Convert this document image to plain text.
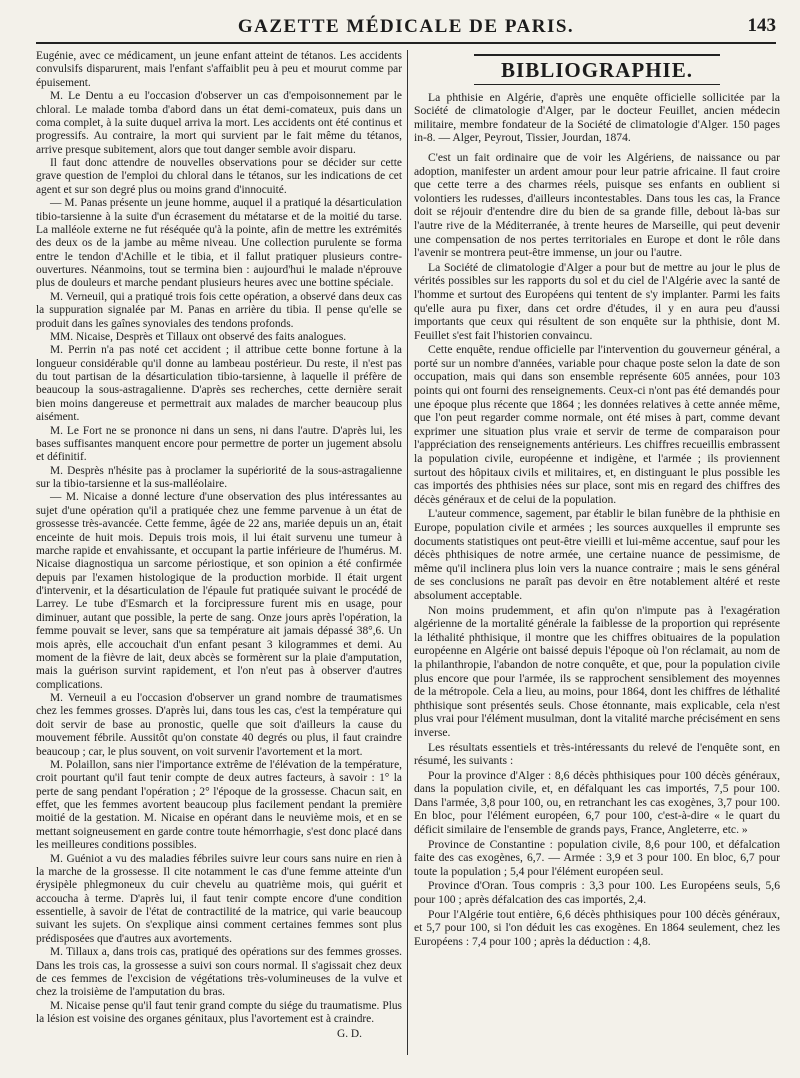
GAZETTE MÉDICALE DE PARIS.	143

Eugénie, avec ce médicament, un jeune enfant atteint de tétanos. Les accidents convulsifs disparurent, mais l'enfant s'affaiblit peu à peu et mourut comme par épuisement.

M. Le Dentu a eu l'occasion d'observer un cas d'empoisonnement par le chloral. Le malade tomba d'abord dans un état demi-comateux, puis dans un coma complet, à la suite duquel arriva la mort. Les accidents ont été continus et progressifs. Au contraire, la mort qui survient par le fait même du tétanos, arrive presque subitement, alors que tout danger semble avoir disparu.

Il faut donc attendre de nouvelles observations pour se décider sur cette grave question de l'emploi du chloral dans le tétanos, sur les indications de cet agent et sur son degré plus ou moins grand d'innocuité.

— M. Panas présente un jeune homme, auquel il a pratiqué la désarticulation tibio-tarsienne à la suite d'un écrasement du métatarse et de la moitié du tarse. La malléole externe ne fut réséquée qu'à la pointe, afin de mettre les extrémités des deux os de la jambe au même niveau. Une collection purulente se forma entre le tendon d'Achille et le tibia, et il fallut pratiquer plusieurs contre-ouvertures. Néanmoins, tout se termina bien : aujourd'hui le malade n'éprouve plus de douleurs et marche pendant plusieurs heures avec une bottine spéciale.

M. Verneuil, qui a pratiqué trois fois cette opération, a observé dans deux cas la suppuration signalée par M. Panas en arrière du tibia. Il pense qu'elle se produit dans les gaînes synoviales des tendons profonds.

MM. Nicaise, Desprès et Tillaux ont observé des faits analogues.

M. Perrin n'a pas noté cet accident ; il attribue cette bonne fortune à la longueur considérable qu'il donne au lambeau postérieur. Du reste, il n'est pas du tout partisan de la désarticulation tibio-tarsienne, à laquelle il préfère de beaucoup la sous-astragalienne. D'après ses recherches, cette dernière serait bien moins dangereuse et permettrait aux malades de marcher beaucoup plus aisément.

M. Le Fort ne se prononce ni dans un sens, ni dans l'autre. D'après lui, les bases suffisantes manquent encore pour permettre de porter un jugement absolu et définitif.

M. Desprès n'hésite pas à proclamer la supériorité de la sous-astragalienne sur la tibio-tarsienne et la sus-malléolaire.

— M. Nicaise a donné lecture d'une observation des plus intéressantes au sujet d'une opération qu'il a pratiquée chez une femme parvenue à un état de grossesse très-avancée. Cette femme, âgée de 22 ans, mariée depuis un an, était enceinte de huit mois. Depuis trois mois, il lui était survenu une tumeur à marche rapide et envahissante, et occupant la partie inférieure de l'humérus. M. Nicaise diagnostiqua un sarcome périostique, et son opinion a été confirmée depuis par l'examen histologique de la production morbide. Il était urgent d'intervenir, et la désarticulation de l'épaule fut pratiquée suivant le procédé de Larrey. Le tube d'Esmarch et la forcipressure furent mis en usage, pour diminuer, autant que possible, la perte de sang. Onze jours après l'opération, la femme pouvait se lever, sans que sa température ait jamais dépassé 38°,6. Un mois après, elle accouchait d'un enfant pesant 3 kilogrammes et demi. Au moment de la fièvre de lait, deux abcès se formèrent sur la plaie d'amputation, mais la guérison survint rapidement, et l'on n'eut pas à observer d'autres complications.

M. Verneuil a eu l'occasion d'observer un grand nombre de traumatismes chez les femmes grosses. D'après lui, dans tous les cas, c'est la température qui doit servir de base au pronostic, quelle que soit d'ailleurs la cause du mouvement fébrile. Aussitôt qu'on constate 40 degrés ou plus, il faut craindre beaucoup ; car, le plus souvent, on voit survenir l'avortement et la mort.

M. Polaillon, sans nier l'importance extrême de l'élévation de la température, croit pourtant qu'il faut tenir compte de deux autres facteurs, à savoir : 1° la perte de sang pendant l'opération ; 2° l'époque de la grossesse. Chacun sait, en effet, que les femmes avortent beaucoup plus facilement pendant la première moitié de la gestation. M. Nicaise en opérant dans le neuvième mois, et en se mettant soigneusement en garde contre toute hémorrhagie, s'est donc placé dans les meilleures conditions possibles.

M. Guéniot a vu des maladies fébriles suivre leur cours sans nuire en rien à la marche de la grossesse. Il cite notamment le cas d'une femme atteinte d'un érysipèle phlegmoneux du cuir chevelu au quatrième mois, qui guérit et accoucha à terme. D'après lui, il faut tenir compte encore d'une condition essentielle, à savoir de l'état de contractilité de la matrice, qui varie beaucoup suivant les sujets. On s'explique ainsi comment certaines femmes sont plus prédisposées que d'autres aux avortements.

M. Tillaux a, dans trois cas, pratiqué des opérations sur des femmes grosses. Dans les trois cas, la grossesse a suivi son cours normal. Il s'agissait chez deux de ces femmes de l'excision de végétations très-volumineuses de la vulve et chez la troisième de l'amputation du bras.

M. Nicaise pense qu'il faut tenir grand compte du siége du traumatisme. Plus la lésion est voisine des organes génitaux, plus l'avortement est à craindre.

G. D.

BIBLIOGRAPHIE.

La phthisie en Algérie, d'après une enquête officielle sollicitée par la Société de climatologie d'Alger, par le docteur Feuillet, ancien médecin militaire, membre fondateur de la Société de climatologie d'Alger. 150 pages in-8. — Alger, Peyrout, Tissier, Jourdan, 1874.

C'est un fait ordinaire que de voir les Algériens, de naissance ou par adoption, manifester un ardent amour pour leur patrie africaine. Il faut croire que cette terre a des charmes réels, puisque ses enfants en oublient si volontiers les rudesses, d'ailleurs incontestables. Dans tous les cas, la France doit se réjouir d'entendre dire du bien de sa grande fille, debout là-bas sur l'autre rive de la Méditerranée, à trente heures de Marseille, qui peut devenir une compensation de nos pertes territoriales en Europe et dont le rôle dans l'avenir se montrera peut-être immense, un jour ou l'autre.

La Société de climatologie d'Alger a pour but de mettre au jour le plus de vérités possibles sur les rapports du sol et du ciel de l'Algérie avec la santé de l'homme et surtout des Européens qui tentent de s'y implanter. Parmi les faits qu'elle aura pu fixer, dans cet ordre d'études, il y en aura peu d'aussi importants que ceux qui résultent de son enquête sur la phthisie, dont M. Feuillet s'est fait l'historien convaincu.

Cette enquête, rendue officielle par l'intervention du gouverneur général, a porté sur un nombre d'années, variable pour chaque poste selon la date de son occupation, mais qui dans son ensemble représente 605 années, pour 103 points qui ont fourni des renseignements. Ceux-ci n'ont pas été demandés pour une époque plus récente que 1864 ; les données relatives à cette année même, que l'on peut regarder comme normale, ont été mises à part, comme devant exprimer une situation plus vraie et servir de terme de comparaison pour l'appréciation des renseignements antérieurs. Les chiffres recueillis embrassent la population civile, européenne et indigène, et l'armée ; ils proviennent surtout des hôpitaux civils et militaires, et, en distinguant le plus possible les cas importés des phthisies nées sur place, sont mis en regard des chiffres des décès généraux et de celui de la population.

L'auteur commence, sagement, par établir le bilan funèbre de la phthisie en Europe, population civile et armées ; les sources auxquelles il emprunte ses documents statistiques ont peut-être vieilli et lui-même accentue, sauf pour les décès phthisiques de notre armée, une certaine nuance de pessimisme, de même qu'il inclinera plus loin vers la nuance contraire ; mais le sens général de ses conclusions ne paraît pas devoir en être notablement altéré et reste absolument acceptable.

Non moins prudemment, et afin qu'on n'impute pas à l'exagération algérienne de la mortalité générale la faiblesse de la proportion qui représente la léthalité phthisique, il montre que les chiffres obituaires de la population européenne en Algérie ont baissé depuis l'époque où l'on réclamait, au nom de la philanthropie, l'abandon de notre conquête, et que, pour la population civile plus encore que pour l'armée, ils se rapprochent sensiblement des moyennes de la métropole. Cela a lieu, au moins, pour 1864, dont les chiffres de léthalité phthisique sont présentés seuls. Chose étonnante, mais explicable, cela n'est plus vrai pour l'élément musulman, dont la vitalité marche précisément en sens inverse.

Les résultats essentiels et très-intéressants du relevé de l'enquête sont, en résumé, les suivants :

Pour la province d'Alger : 8,6 décès phthisiques pour 100 décès généraux, dans la population civile, et, en défalquant les cas importés, 7,5 pour 100. Dans l'armée, 3,8 pour 100, ou, en retranchant les cas exogènes, 3,7 pour 100. En bloc, pour l'élément européen, 6,7 pour 100, c'est-à-dire « le quart du déficit similaire de l'ensemble de grands pays, France, Angleterre, etc. »

Province de Constantine : population civile, 8,6 pour 100, et défalcation faite des cas exogènes, 6,7. — Armée : 3,9 et 3 pour 100. En bloc, 6,7 pour toute la population ; 5,4 pour l'élément européen seul.

Province d'Oran. Tous compris : 3,3 pour 100. Les Européens seuls, 5,6 pour 100 ; après défalcation des cas importés, 2,4.

Pour l'Algérie tout entière, 6,6 décès phthisiques pour 100 décès généraux, et 5,7 pour 100, si l'on déduit les cas exogènes. En 1864 seulement, chez les Européens : 7,4 pour 100 ; après la déduction : 4,8.
